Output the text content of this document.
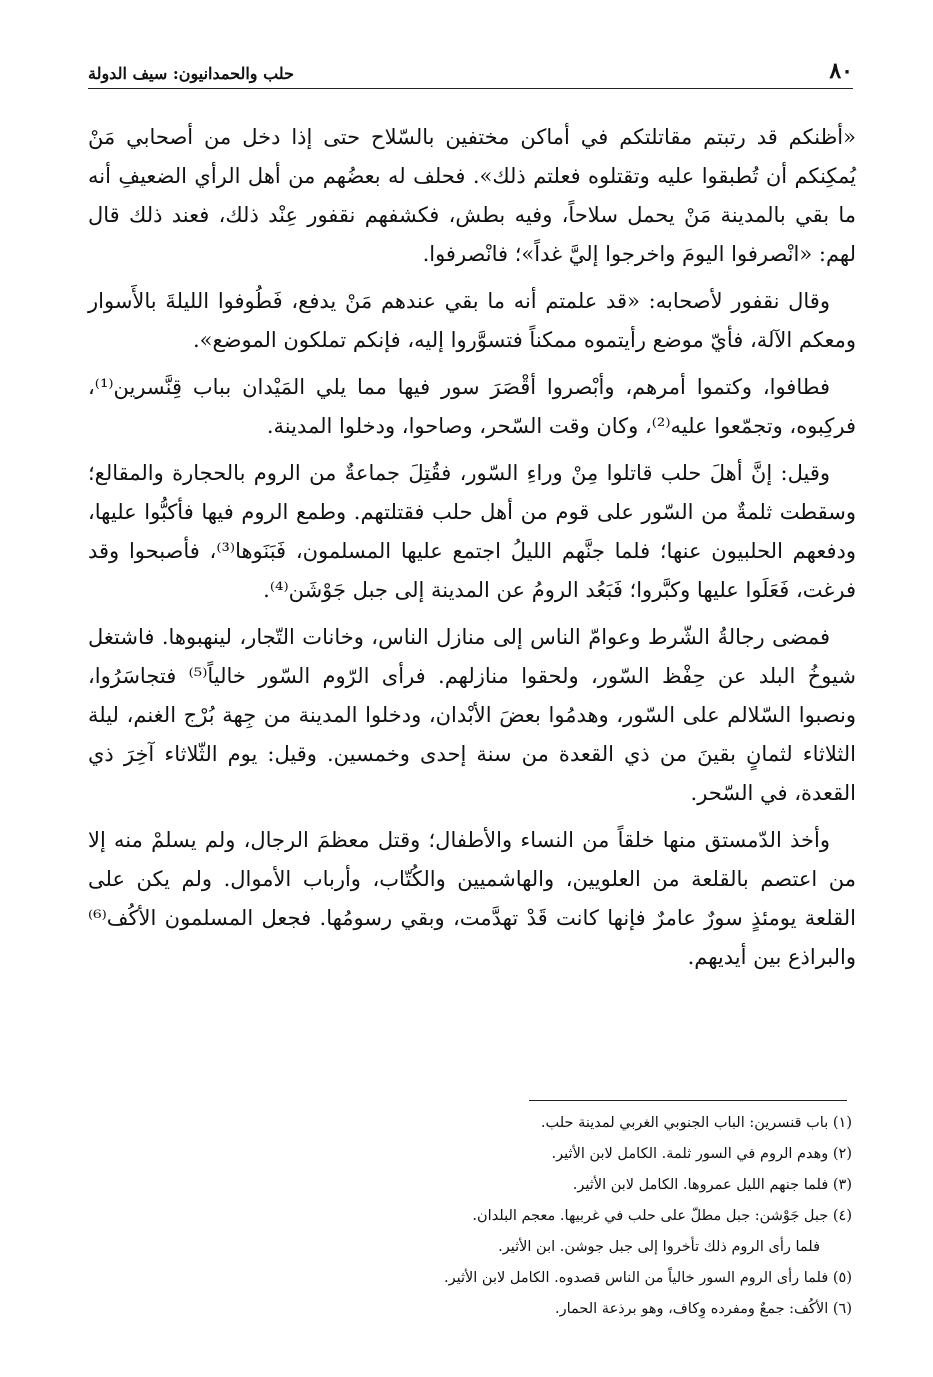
حلب والحمدانيون: سيف الدولة	٨٠

«أظنكم قد رتبتم مقاتلتكم في أماكن مختفين بالسّلاح حتى إذا دخل من أصحابي مَنْ يُمكِنكم أن تُطبقوا عليه وتقتلوه فعلتم ذلك». فحلف له بعضُهم من أهل الرأي الضعيفِ أنه ما بقي بالمدينة مَنْ يحمل سلاحاً، وفيه بطش، فكشفهم نقفور عِنْد ذلك، فعند ذلك قال لهم: «انْصرفوا اليومَ واخرجوا إليَّ غداً»؛ فانْصرفوا.

وقال نقفور لأصحابه: «قد علمتم أنه ما بقي عندهم مَنْ يدفع، فَطُوفوا الليلةَ بالأَسوار ومعكم الآلة، فأيّ موضع رأيتموه ممكناً فتسوَّروا إليه، فإنكم تملكون الموضع».

فطافوا، وكتموا أمرهم، وأبْصروا أقْصَرَ سور فيها مما يلي المَيْدان بباب قِنَّسرين⁽¹⁾، فركِبوه، وتجمّعوا عليه⁽²⁾، وكان وقت السّحر، وصاحوا، ودخلوا المدينة.

وقيل: إنَّ أهلَ حلب قاتلوا مِنْ وراءِ السّور، فقُتِلَ جماعةٌ من الروم بالحجارة والمقالع؛ وسقطت ثلمةٌ من السّور على قوم من أهل حلب فقتلتهم. وطمع الروم فيها فأكبُّوا عليها، ودفعهم الحلبيون عنها؛ فلما جنَّهم الليلُ اجتمع عليها المسلمون، فَبَنَوها⁽³⁾، فأصبحوا وقد فرغت، فَعَلَوا عليها وكبَّروا؛ فَبَعُد الرومُ عن المدينة إلى جبل جَوْشَن⁽⁴⁾.

فمضى رجالةُ الشّرط وعوامّ الناس إلى منازل الناس، وخانات التّجار، لينهبوها. فاشتغل شيوخُ البلد عن حِفْظ السّور، ولحقوا منازلهم. فرأى الرّوم السّور خالياً⁽⁵⁾ فتجاسَرُوا، ونصبوا السّلالم على السّور، وهدمُوا بعضَ الأبْدان، ودخلوا المدينة من جِهة بُرْج الغنم، ليلة الثلاثاء لثمانٍ بقينَ من ذي القعدة من سنة إحدى وخمسين. وقيل: يوم الثّلاثاء آخِرَ ذي القعدة، في السّحر.

وأخذ الدّمستق منها خلقاً من النساء والأطفال؛ وقتل معظمَ الرجال، ولم يسلمْ منه إلا من اعتصم بالقلعة من العلويين، والهاشميين والكُتّاب، وأرباب الأموال. ولم يكن على القلعة يومئذٍ سورٌ عامرٌ فإنها كانت قَدْ تهدَّمت، وبقي رسومُها. فجعل المسلمون الأكُف⁽⁶⁾ والبراذع بين أيديهم.

(١) باب قنسرين: الباب الجنوبي الغربي لمدينة حلب.

(٢) وهدم الروم في السور ثلمة. الكامل لابن الأثير.

(٣) فلما جنهم الليل عمروها. الكامل لابن الأثير.

(٤) جبل جَوْشن: جبل مطلّ على حلب في غربيها. معجم البلدان.

فلما رأى الروم ذلك تأخروا إلى جبل جوشن. ابن الأثير.

(٥) فلما رأى الروم السور خالياً من الناس قصدوه. الكامل لابن الأثير.

(٦) الأكُف: جمعٌ ومفرده وِكاف، وهو برذعة الحمار.
